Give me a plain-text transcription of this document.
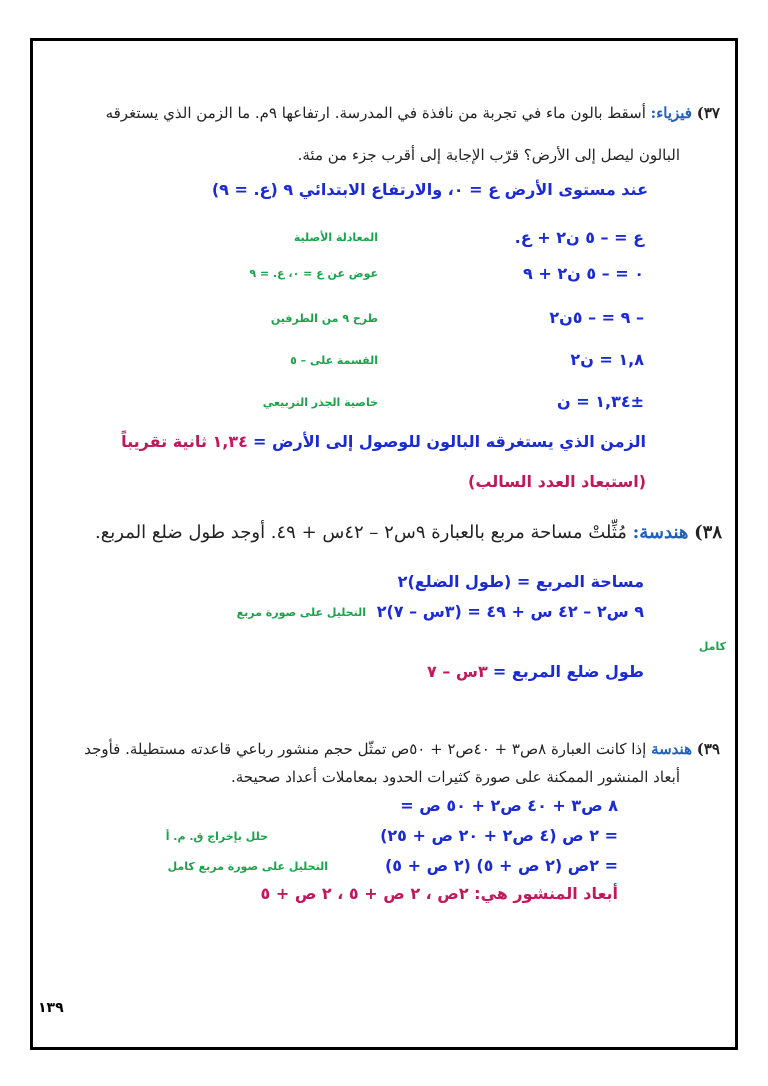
٣٧) فيزياء: أسقط بالون ماء في تجربة من نافذة في المدرسة. ارتفاعها ٩م. ما الزمن الذي يستغرقه
البالون ليصل إلى الأرض؟ قرّب الإجابة إلى أقرب جزء من مئة.
عند مستوى الأرض ع = ٠، والارتفاع الابتدائي ٩ (ع. = ٩)
ع = – ٥ ن٢ + ع.
المعادلة الأصلية
٠ = – ٥ ن٢ + ٩
عوض عن ع = ٠، ع. = ٩
– ٩ = – ٥ن٢
طرح ٩ من الطرفين
١,٨ = ن٢
القسمة على – ٥
±١,٣٤ = ن
خاصية الجذر التربيعي
الزمن الذي يستغرقه البالون للوصول إلى الأرض = ١,٣٤ ثانية تقريباً
(استبعاد العدد السالب)
٣٨) هندسة: مُثِّلتْ مساحة مربع بالعبارة ٩س٢ – ٤٢س + ٤٩. أوجد طول ضلع المربع.
مساحة المربع = (طول الضلع)٢
٩ س٢ – ٤٢ س + ٤٩ = (٣س – ٧)٢
التحليل على صورة مربع
كامل
طول ضلع المربع = ٣س – ٧
٣٩) هندسة إذا كانت العبارة ٨ص٣ + ٤٠ص٢ + ٥٠ص تمثّل حجم منشور رباعي قاعدته مستطيلة. فأوجد
أبعاد المنشور الممكنة على صورة كثيرات الحدود بمعاملات أعداد صحيحة.
٨ ص٣ + ٤٠ ص٢ + ٥٠ ص =
= ٢ ص (٤ ص٢ + ٢٠ ص + ٢٥)
حلل بإخراج ق. م. أ
= ٢ص (٢ ص + ٥) (٢ ص + ٥)
التحليل على صورة مربع كامل
أبعاد المنشور هي: ٢ص ، ٢ ص + ٥ ، ٢ ص + ٥
١٣٩
